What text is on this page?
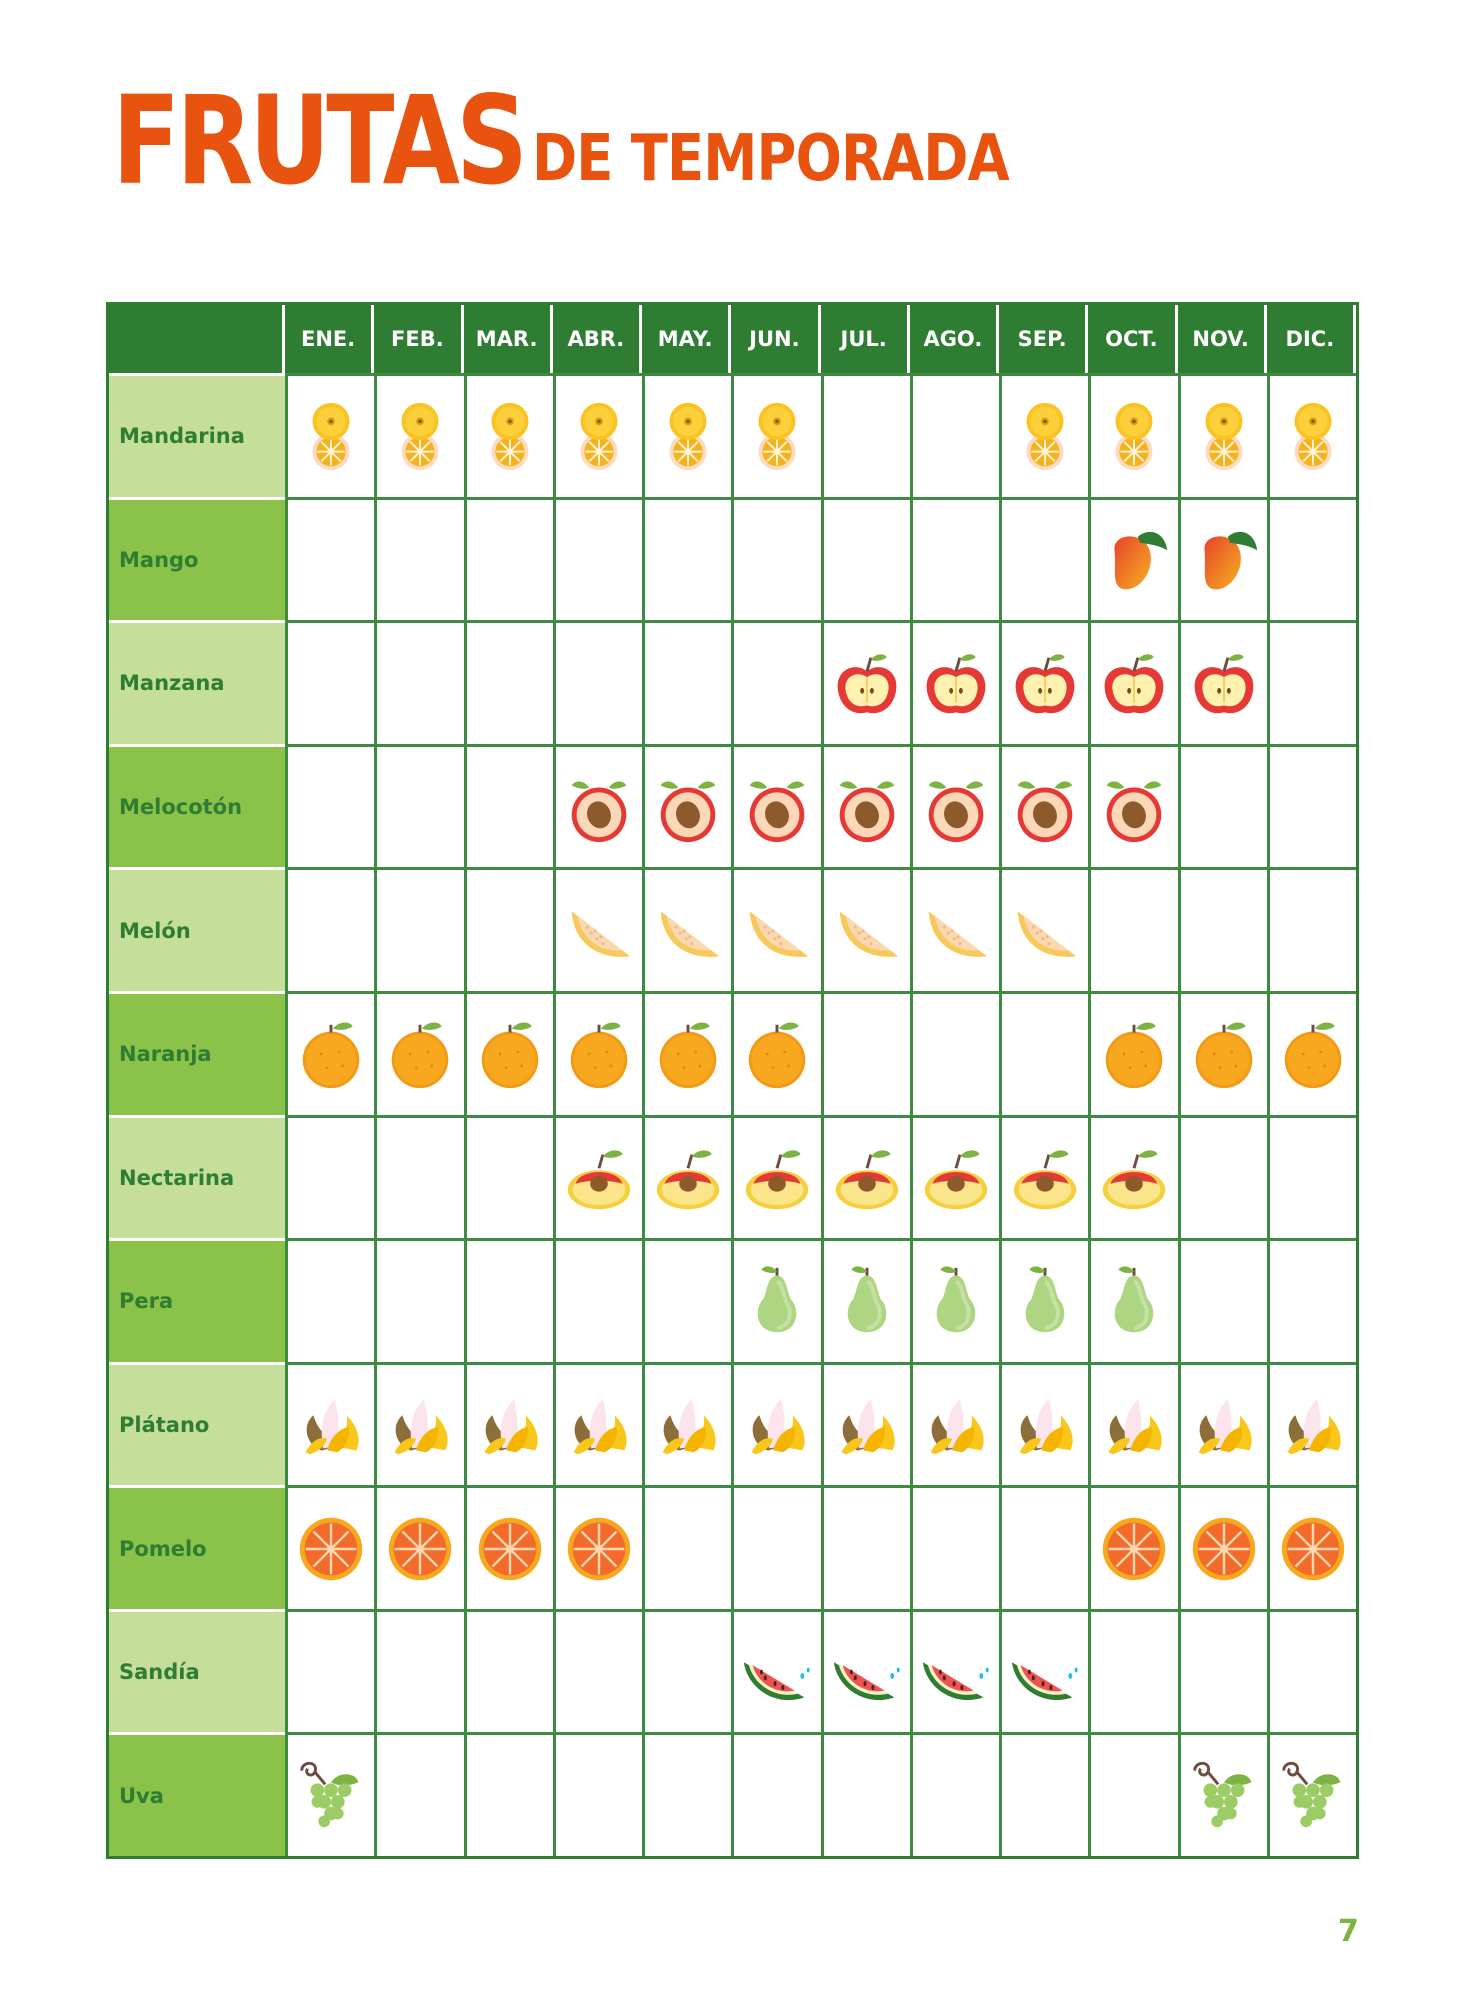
FRUTAS DE TEMPORADA
ENE.	FEB.	MAR.	ABR.	MAY.	JUN.	JUL.	AGO.	SEP.	OCT.	NOV.	DIC.
Mandarina
Mango
Manzana
Melocotón
Melón
Naranja
Nectarina
Pera
Plátano
Pomelo
Sandía
Uva
7
